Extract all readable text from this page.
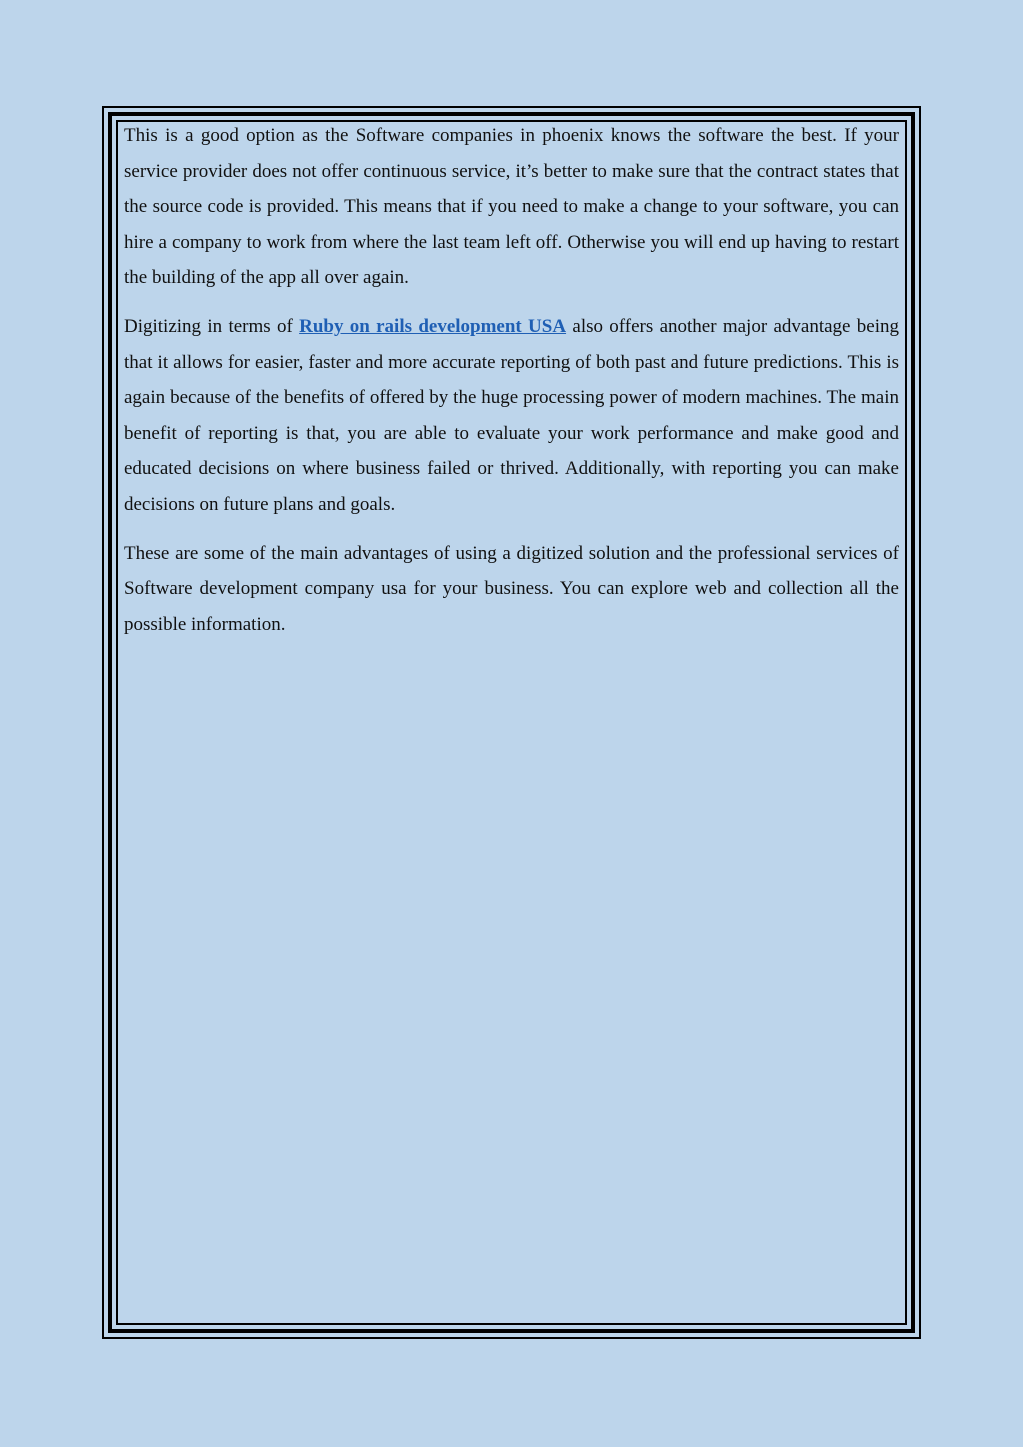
This is a good option as the Software companies in phoenix knows the software the best. If your service provider does not offer continuous service, it’s better to make sure that the contract states that the source code is provided. This means that if you need to make a change to your software, you can hire a company to work from where the last team left off. Otherwise you will end up having to restart the building of the app all over again.

Digitizing in terms of Ruby on rails development USA also offers another major advantage being that it allows for easier, faster and more accurate reporting of both past and future predictions. This is again because of the benefits of offered by the huge processing power of modern machines. The main benefit of reporting is that, you are able to evaluate your work performance and make good and educated decisions on where business failed or thrived. Additionally, with reporting you can make decisions on future plans and goals.

These are some of the main advantages of using a digitized solution and the professional services of Software development company usa for your business. You can explore web and collection all the possible information.
